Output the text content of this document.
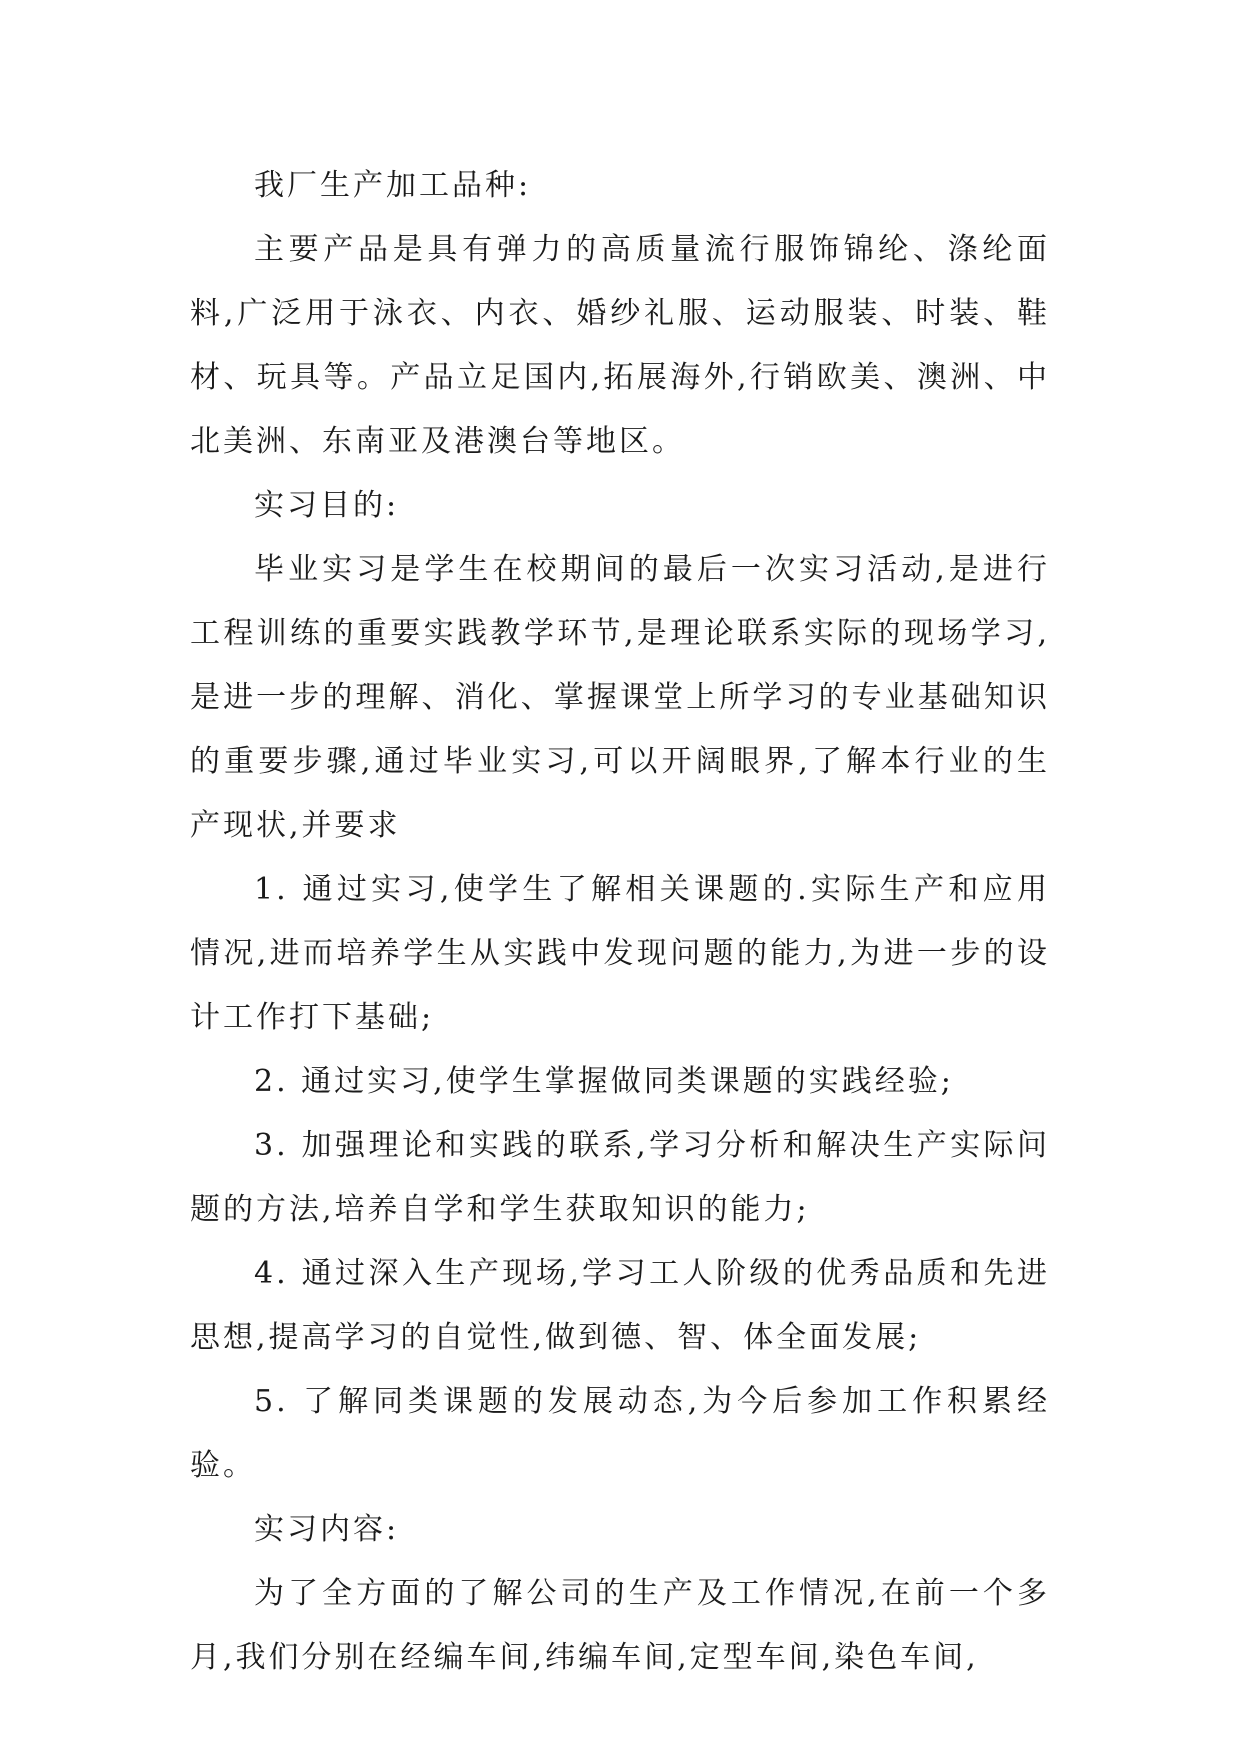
我厂生产加工品种:

主要产品是具有弹力的高质量流行服饰锦纶、涤纶面料,广泛用于泳衣、内衣、婚纱礼服、运动服装、时装、鞋材、玩具等。产品立足国内,拓展海外,行销欧美、澳洲、中北美洲、东南亚及港澳台等地区。

实习目的:

毕业实习是学生在校期间的最后一次实习活动,是进行工程训练的重要实践教学环节,是理论联系实际的现场学习,是进一步的理解、消化、掌握课堂上所学习的专业基础知识的重要步骤,通过毕业实习,可以开阔眼界,了解本行业的生产现状,并要求

1. 通过实习,使学生了解相关课题的.实际生产和应用情况,进而培养学生从实践中发现问题的能力,为进一步的设计工作打下基础;

2. 通过实习,使学生掌握做同类课题的实践经验;

3. 加强理论和实践的联系,学习分析和解决生产实际问题的方法,培养自学和学生获取知识的能力;

4. 通过深入生产现场,学习工人阶级的优秀品质和先进思想,提高学习的自觉性,做到德、智、体全面发展;

5. 了解同类课题的发展动态,为今后参加工作积累经验。

实习内容:

为了全方面的了解公司的生产及工作情况,在前一个多月,我们分别在经编车间,纬编车间,定型车间,染色车间,
